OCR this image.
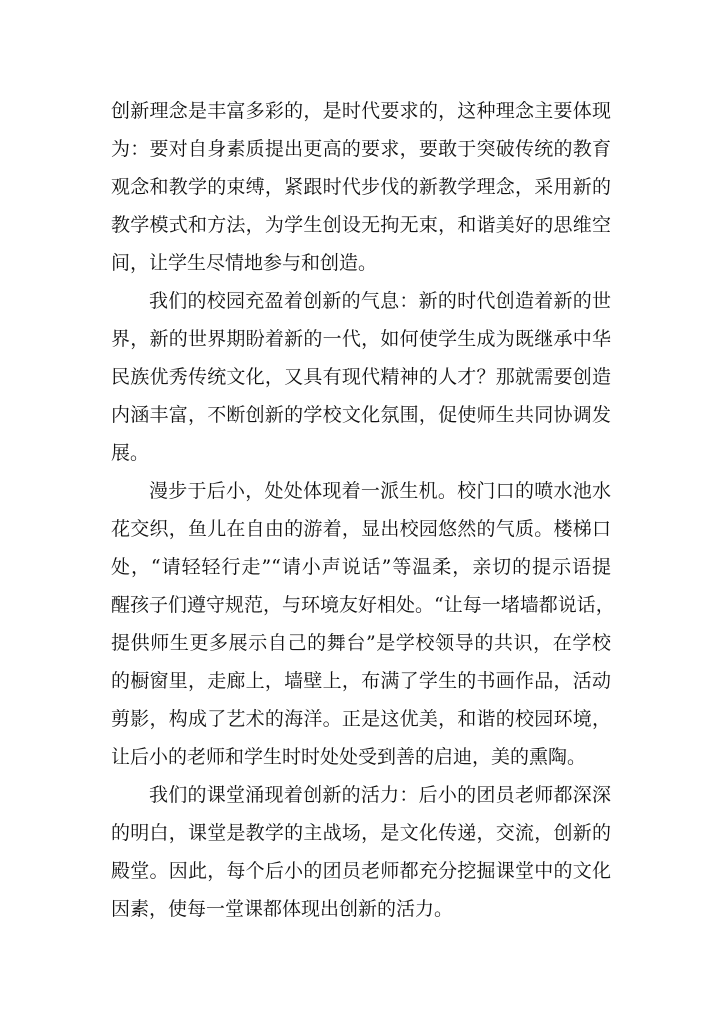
创新理念是丰富多彩的，是时代要求的，这种理念主要体现
为：要对自身素质提出更高的要求，要敢于突破传统的教育
观念和教学的束缚，紧跟时代步伐的新教学理念，采用新的
教学模式和方法，为学生创设无拘无束，和谐美好的思维空
间，让学生尽情地参与和创造。
我们的校园充盈着创新的气息：新的时代创造着新的世
界，新的世界期盼着新的一代，如何使学生成为既继承中华
民族优秀传统文化，又具有现代精神的人才？那就需要创造
内涵丰富，不断创新的学校文化氛围，促使师生共同协调发
展。
漫步于后小，处处体现着一派生机。校门口的喷水池水
花交织，鱼儿在自由的游着，显出校园悠然的气质。楼梯口
处，“请轻轻行走”“请小声说话”等温柔，亲切的提示语提
醒孩子们遵守规范，与环境友好相处。“让每一堵墙都说话，
提供师生更多展示自己的舞台”是学校领导的共识，在学校
的橱窗里，走廊上，墙壁上，布满了学生的书画作品，活动
剪影，构成了艺术的海洋。正是这优美，和谐的校园环境，
让后小的老师和学生时时处处受到善的启迪，美的熏陶。
我们的课堂涌现着创新的活力：后小的团员老师都深深
的明白，课堂是教学的主战场，是文化传递，交流，创新的
殿堂。因此，每个后小的团员老师都充分挖掘课堂中的文化
因素，使每一堂课都体现出创新的活力。
